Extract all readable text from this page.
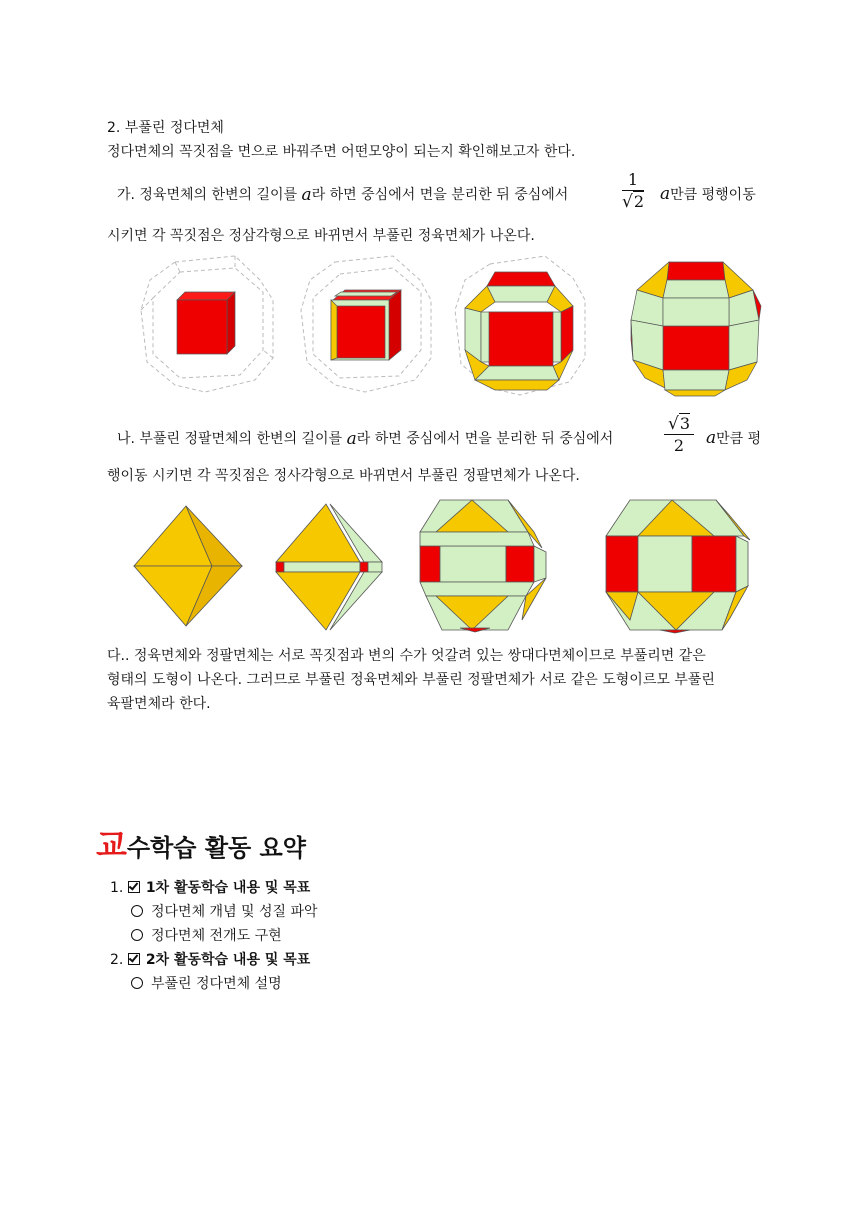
2. 부풀린 정다면체
정다면체의 꼭짓점을 면으로 바꿔주면 어떤모양이 되는지 확인해보고자 한다.
가. 정육면체의 한변의 길이를
a 라 하면 중심에서 면을 분리한 뒤 중심에서	$\frac{1}{√2}$ a만큼 평행이동
시키면 각 꼭짓점은 정삼각형으로 바뀌면서 부풀린 정육면체가 나온다.
나. 부풀린 정팔면체의 한변의 길이를
a 라 하면 중심에서 면을 분리한 뒤 중심에서	$\frac{√3}{2}$ a만큼 평
행이동 시키면 각 꼭짓점은 정사각형으로 바뀌면서 부풀린 정팔면체가 나온다.
다.. 정육면체와 정팔면체는 서로 꼭짓점과 변의 수가 엇갈려 있는 쌍대다면체이므로 부풀리면 같은
형태의 도형이 나온다. 그러므로 부풀린 정육면체와 부풀린 정팔면체가 서로 같은 도형이르모 부풀린
육팔면체라 한다.
교수학습 활동 요약
1. 1차 활동학습 내용 및 목표
정다면체 개념 및 성질 파악
정다면체 전개도 구현
2. 2차 활동학습 내용 및 목표
부풀린 정다면체 설명
